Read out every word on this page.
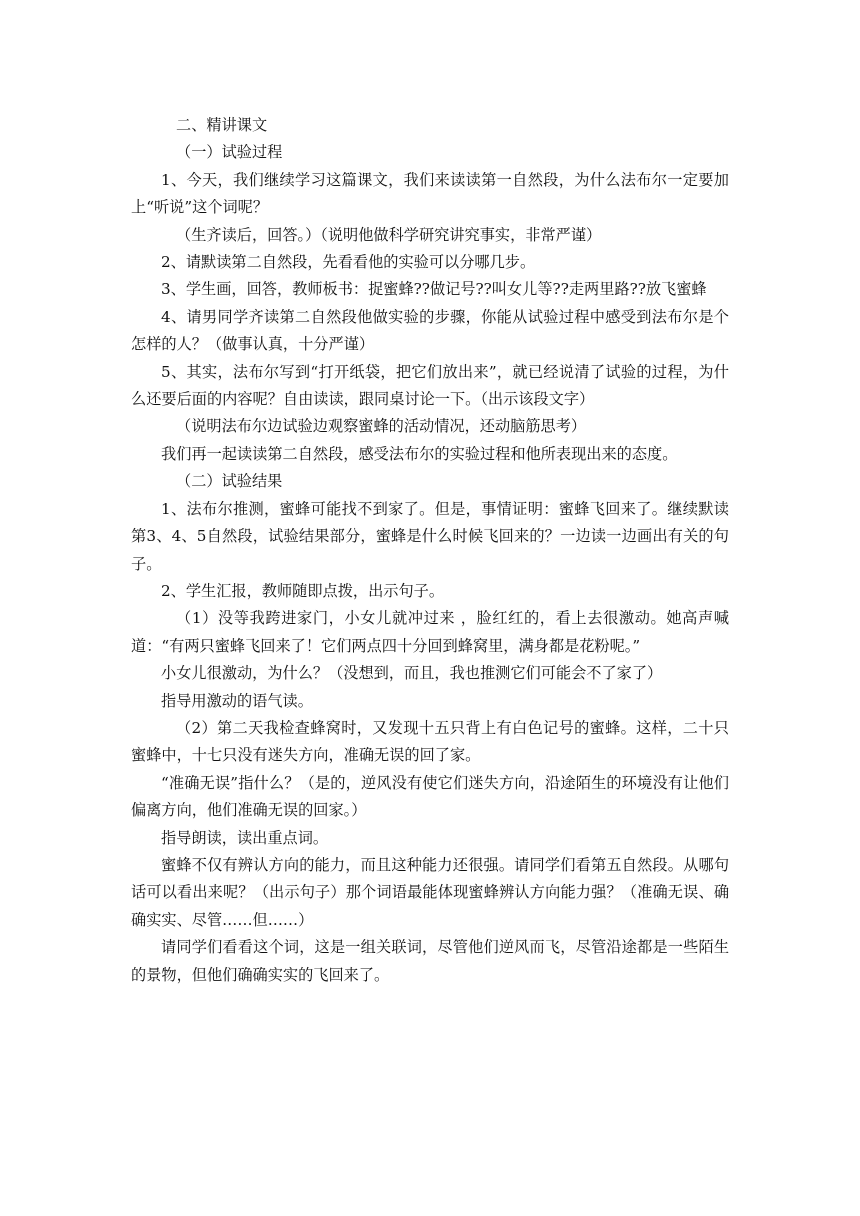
二、精讲课文

（一）试验过程

1、今天，我们继续学习这篇课文，我们来读读第一自然段，为什么法布尔一定要加上“听说”这个词呢？

（生齐读后，回答。）（说明他做科学研究讲究事实，非常严谨）

2、请默读第二自然段，先看看他的实验可以分哪几步。

3、学生画，回答，教师板书：捉蜜蜂??做记号??叫女儿等??走两里路??放飞蜜蜂

4、请男同学齐读第二自然段他做实验的步骤，你能从试验过程中感受到法布尔是个怎样的人？（做事认真，十分严谨）

5、其实，法布尔写到“打开纸袋，把它们放出来”，就已经说清了试验的过程，为什么还要后面的内容呢？自由读读，跟同桌讨论一下。（出示该段文字）

（说明法布尔边试验边观察蜜蜂的活动情况，还动脑筋思考）

我们再一起读读第二自然段，感受法布尔的实验过程和他所表现出来的态度。

（二）试验结果

1、法布尔推测，蜜蜂可能找不到家了。但是，事情证明：蜜蜂飞回来了。继续默读第3、4、5自然段，试验结果部分，蜜蜂是什么时候飞回来的？一边读一边画出有关的句子。

2、学生汇报，教师随即点拨，出示句子。

（1）没等我跨进家门，小女儿就冲过来 ，脸红红的，看上去很激动。她高声喊道：“有两只蜜蜂飞回来了！它们两点四十分回到蜂窝里，满身都是花粉呢。”

小女儿很激动，为什么？（没想到，而且，我也推测它们可能会不了家了）

指导用激动的语气读。

（2）第二天我检查蜂窝时，又发现十五只背上有白色记号的蜜蜂。这样，二十只蜜蜂中，十七只没有迷失方向，准确无误的回了家。

“准确无误”指什么？（是的，逆风没有使它们迷失方向，沿途陌生的环境没有让他们偏离方向，他们准确无误的回家。）

指导朗读，读出重点词。

蜜蜂不仅有辨认方向的能力，而且这种能力还很强。请同学们看第五自然段。从哪句话可以看出来呢？（出示句子）那个词语最能体现蜜蜂辨认方向能力强？（准确无误、确确实实、尽管……但……）

请同学们看看这个词，这是一组关联词，尽管他们逆风而飞，尽管沿途都是一些陌生的景物，但他们确确实实的飞回来了。
